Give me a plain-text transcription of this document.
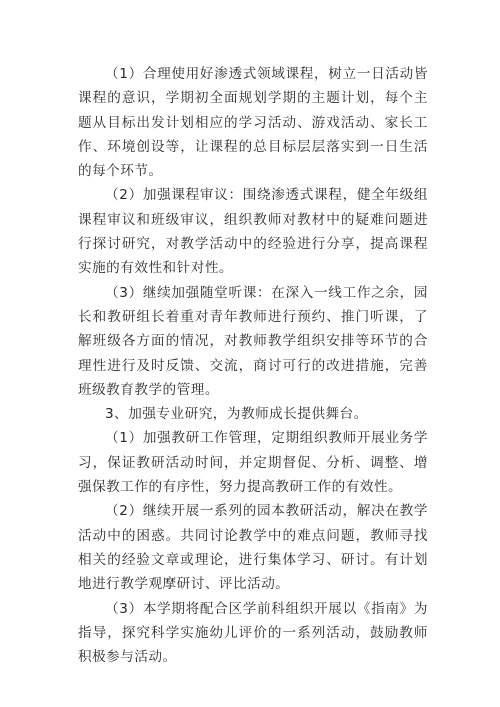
（1）合理使用好渗透式领域课程，树立一日活动皆课程的意识，学期初全面规划学期的主题计划，每个主题从目标出发计划相应的学习活动、游戏活动、家长工作、环境创设等，让课程的总目标层层落实到一日生活的每个环节。

（2）加强课程审议：围绕渗透式课程，健全年级组课程审议和班级审议，组织教师对教材中的疑难问题进行探讨研究，对教学活动中的经验进行分享，提高课程实施的有效性和针对性。

（3）继续加强随堂听课：在深入一线工作之余，园长和教研组长着重对青年教师进行预约、推门听课，了解班级各方面的情况，对教师教学组织安排等环节的合理性进行及时反馈、交流，商讨可行的改进措施，完善班级教育教学的管理。

3、加强专业研究，为教师成长提供舞台。

（1）加强教研工作管理，定期组织教师开展业务学习，保证教研活动时间，并定期督促、分析、调整、增强保教工作的有序性，努力提高教研工作的有效性。

（2）继续开展一系列的园本教研活动，解决在教学活动中的困惑。共同讨论教学中的难点问题，教师寻找相关的经验文章或理论，进行集体学习、研讨。有计划地进行教学观摩研讨、评比活动。

（3）本学期将配合区学前科组织开展以《指南》为指导，探究科学实施幼儿评价的一系列活动，鼓励教师积极参与活动。
